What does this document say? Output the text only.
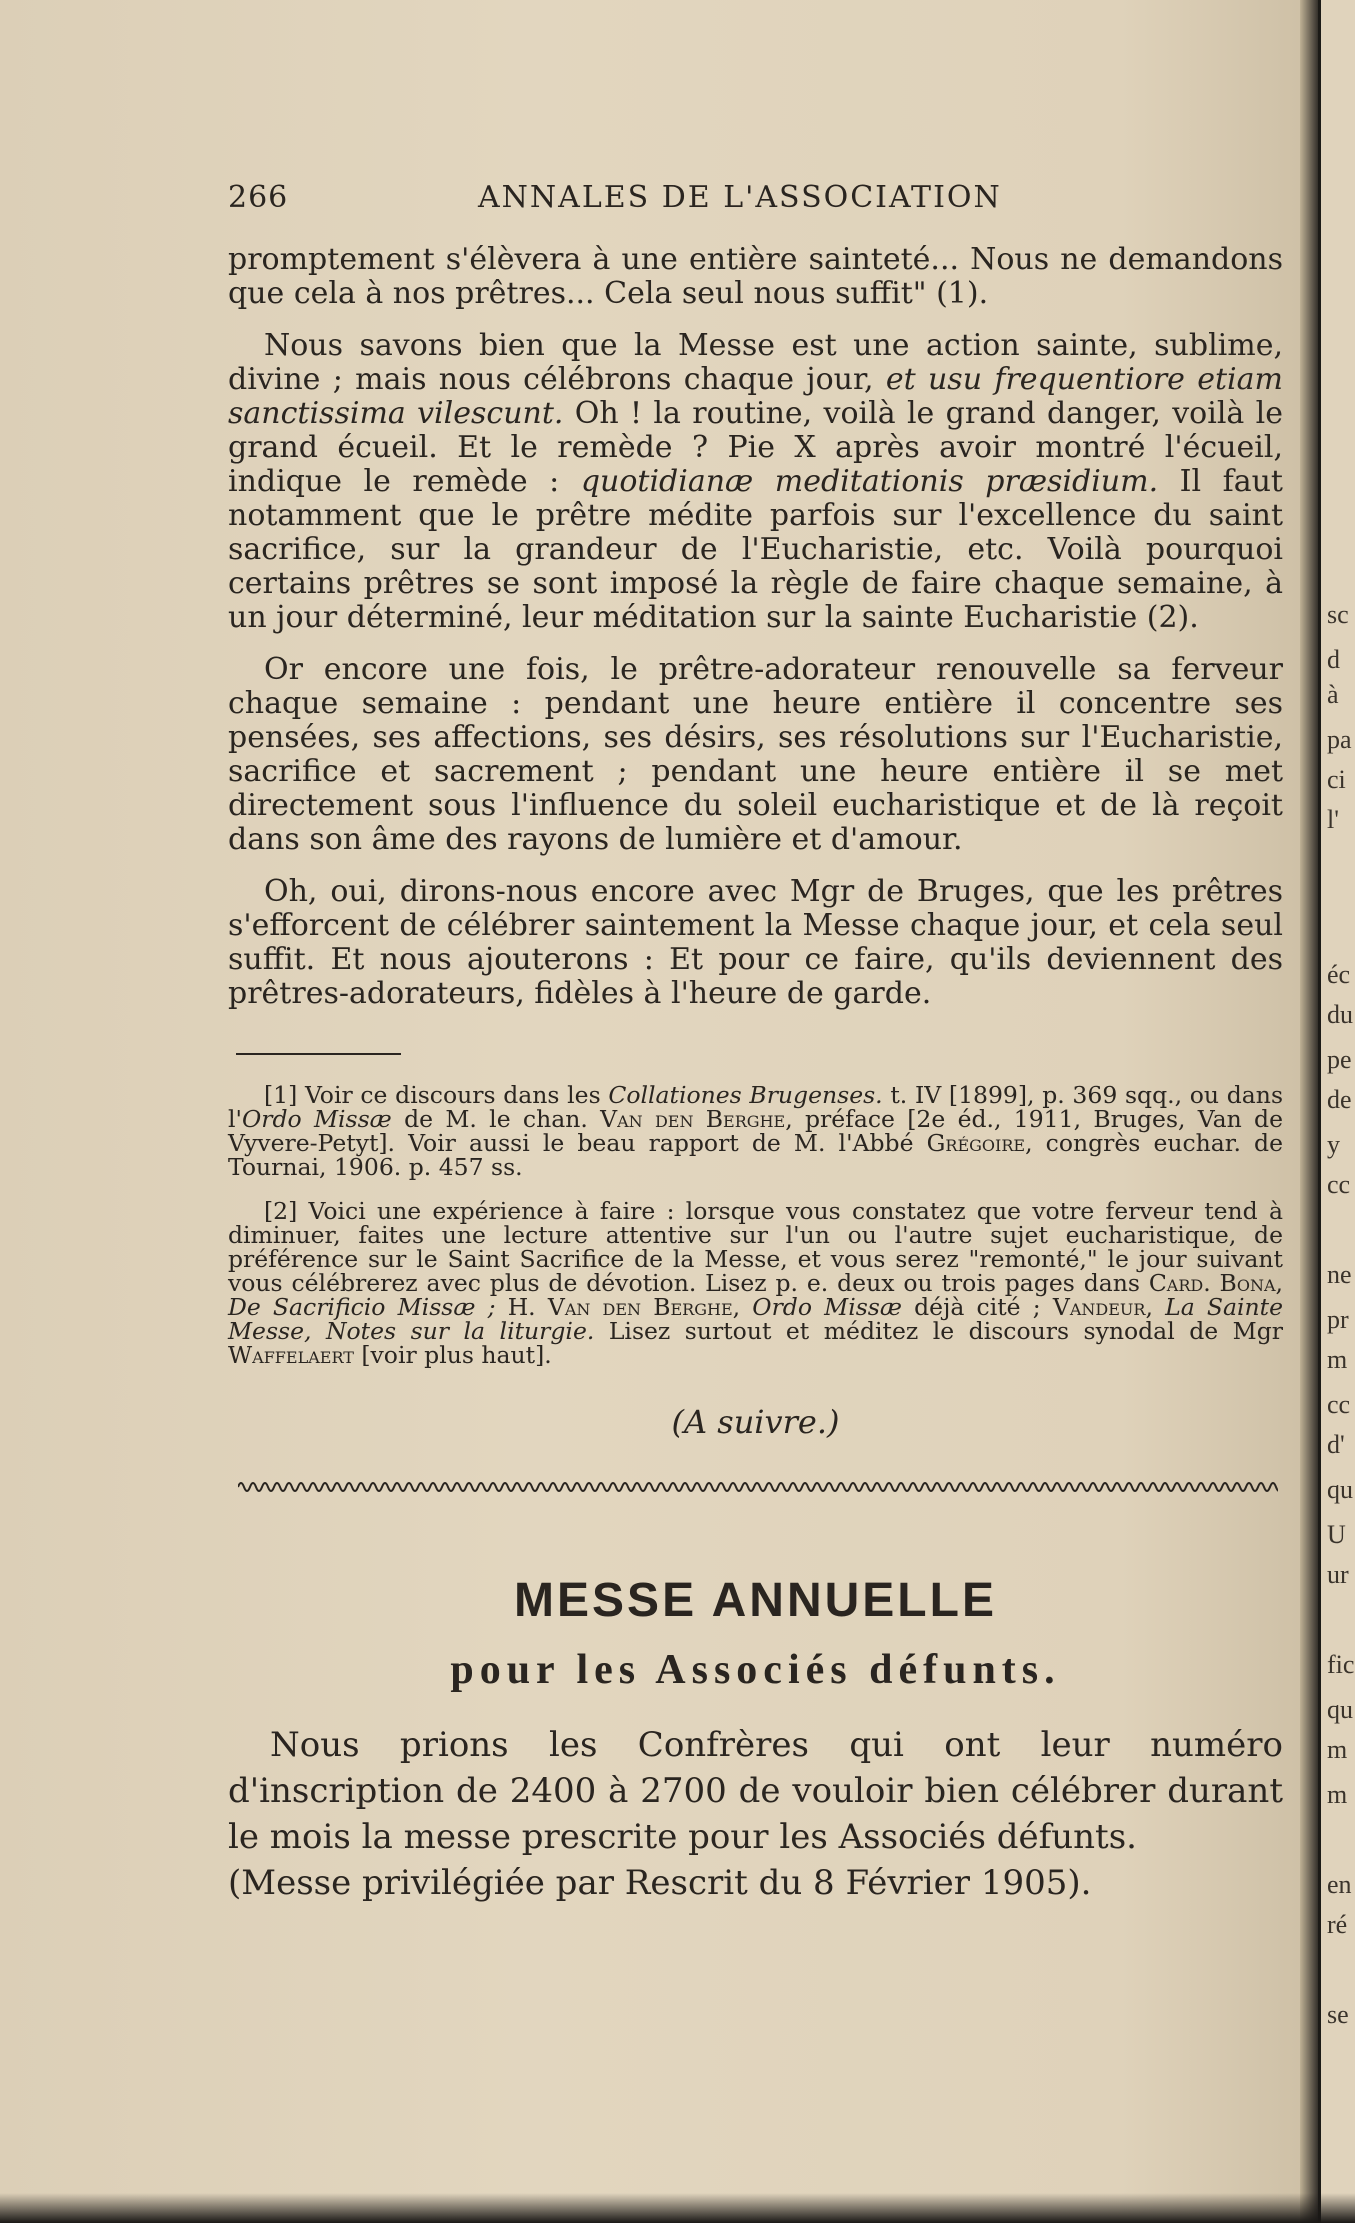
266	ANNALES DE L'ASSOCIATION

promptement s'élèvera à une entière sainteté... Nous ne demandons que cela à nos prêtres... Cela seul nous suffit" (1).

Nous savons bien que la Messe est une action sainte, sublime, divine ; mais nous célébrons chaque jour, et usu frequentiore etiam sanctissima vilescunt. Oh ! la routine, voilà le grand danger, voilà le grand écueil. Et le remède ? Pie X après avoir montré l'écueil, indique le remède : quotidianæ meditationis præsidium. Il faut notamment que le prêtre médite parfois sur l'excellence du saint sacrifice, sur la grandeur de l'Eucharistie, etc. Voilà pourquoi certains prêtres se sont imposé la règle de faire chaque semaine, à un jour déterminé, leur méditation sur la sainte Eucharistie (2).

Or encore une fois, le prêtre-adorateur renouvelle sa ferveur chaque semaine : pendant une heure entière il concentre ses pensées, ses affections, ses désirs, ses résolutions sur l'Eucharistie, sacrifice et sacrement ; pendant une heure entière il se met directement sous l'influence du soleil eucharistique et de là reçoit dans son âme des rayons de lumière et d'amour.

Oh, oui, dirons-nous encore avec Mgr de Bruges, que les prêtres s'efforcent de célébrer saintement la Messe chaque jour, et cela seul suffit. Et nous ajouterons : Et pour ce faire, qu'ils deviennent des prêtres-adorateurs, fidèles à l'heure de garde.

[1] Voir ce discours dans les Collationes Brugenses. t. IV [1899], p. 369 sqq., ou dans l'Ordo Missæ de M. le chan. Van den Berghe, préface [2e éd., 1911, Bruges, Van de Vyvere-Petyt]. Voir aussi le beau rapport de M. l'Abbé Grégoire, congrès euchar. de Tournai, 1906. p. 457 ss.

[2] Voici une expérience à faire : lorsque vous constatez que votre ferveur tend à diminuer, faites une lecture attentive sur l'un ou l'autre sujet eucharistique, de préférence sur le Saint Sacrifice de la Messe, et vous serez "remonté," le jour suivant vous célébrerez avec plus de dévotion. Lisez p. e. deux ou trois pages dans Card. Bona, De Sacrificio Missæ ; H. Van den Berghe, Ordo Missæ déjà cité ; Vandeur, La Sainte Messe, Notes sur la liturgie. Lisez surtout et méditez le discours synodal de Mgr Waffelaert [voir plus haut].

(A suivre.)
MESSE ANNUELLE
pour les Associés défunts.

Nous prions les Confrères qui ont leur numéro d'inscription de 2400 à 2700 de vouloir bien célébrer durant le mois la messe prescrite pour les Associés défunts.
(Messe privilégiée par Rescrit du 8 Février 1905).

sc
d
à
pa
ci
l'
éc
du
pe
de
y
cc
ne
pr
m
cc
d'
qu
U
ur
fic
qu
m
m
en
ré
se
